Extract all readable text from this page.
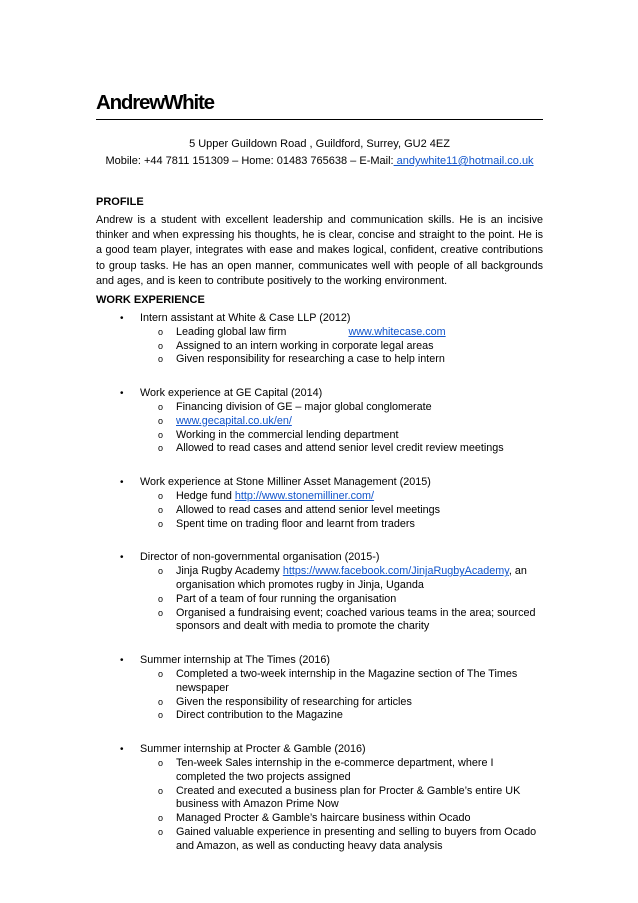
AndrewWhite
5 Upper Guildown Road , Guildford, Surrey, GU2 4EZ
Mobile: +44 7811 151309 – Home: 01483 765638 – E-Mail: andywhite11@hotmail.co.uk
PROFILE

Andrew is a student with excellent leadership and communication skills. He is an incisive thinker and when expressing his thoughts, he is clear, concise and straight to the point. He is a good team player, integrates with ease and makes logical, confident, creative contributions to group tasks. He has an open manner, communicates well with people of all backgrounds and ages, and is keen to contribute positively to the working environment.

WORK EXPERIENCE
• Intern assistant at White & Case LLP (2012)
o Leading global law firm	www.whitecase.com
o Assigned to an intern working in corporate legal areas
o Given responsibility for researching a case to help intern
• Work experience at GE Capital (2014)
o Financing division of GE – major global conglomerate
o www.gecapital.co.uk/en/
o Working in the commercial lending department
o Allowed to read cases and attend senior level credit review meetings
• Work experience at Stone Milliner Asset Management (2015)
o Hedge fund http://www.stonemilliner.com/
o Allowed to read cases and attend senior level meetings
o Spent time on trading floor and learnt from traders
• Director of non-governmental organisation (2015-)
o Jinja Rugby Academy https://www.facebook.com/JinjaRugbyAcademy, an organisation which promotes rugby in Jinja, Uganda
o Part of a team of four running the organisation
o Organised a fundraising event; coached various teams in the area; sourced sponsors and dealt with media to promote the charity
• Summer internship at The Times (2016)
o Completed a two-week internship in the Magazine section of The Times newspaper
o Given the responsibility of researching for articles
o Direct contribution to the Magazine
• Summer internship at Procter & Gamble (2016)
o Ten-week Sales internship in the e-commerce department, where I completed the two projects assigned
o Created and executed a business plan for Procter & Gamble’s entire UK business with Amazon Prime Now
o Managed Procter & Gamble’s haircare business within Ocado
o Gained valuable experience in presenting and selling to buyers from Ocado and Amazon, as well as conducting heavy data analysis
